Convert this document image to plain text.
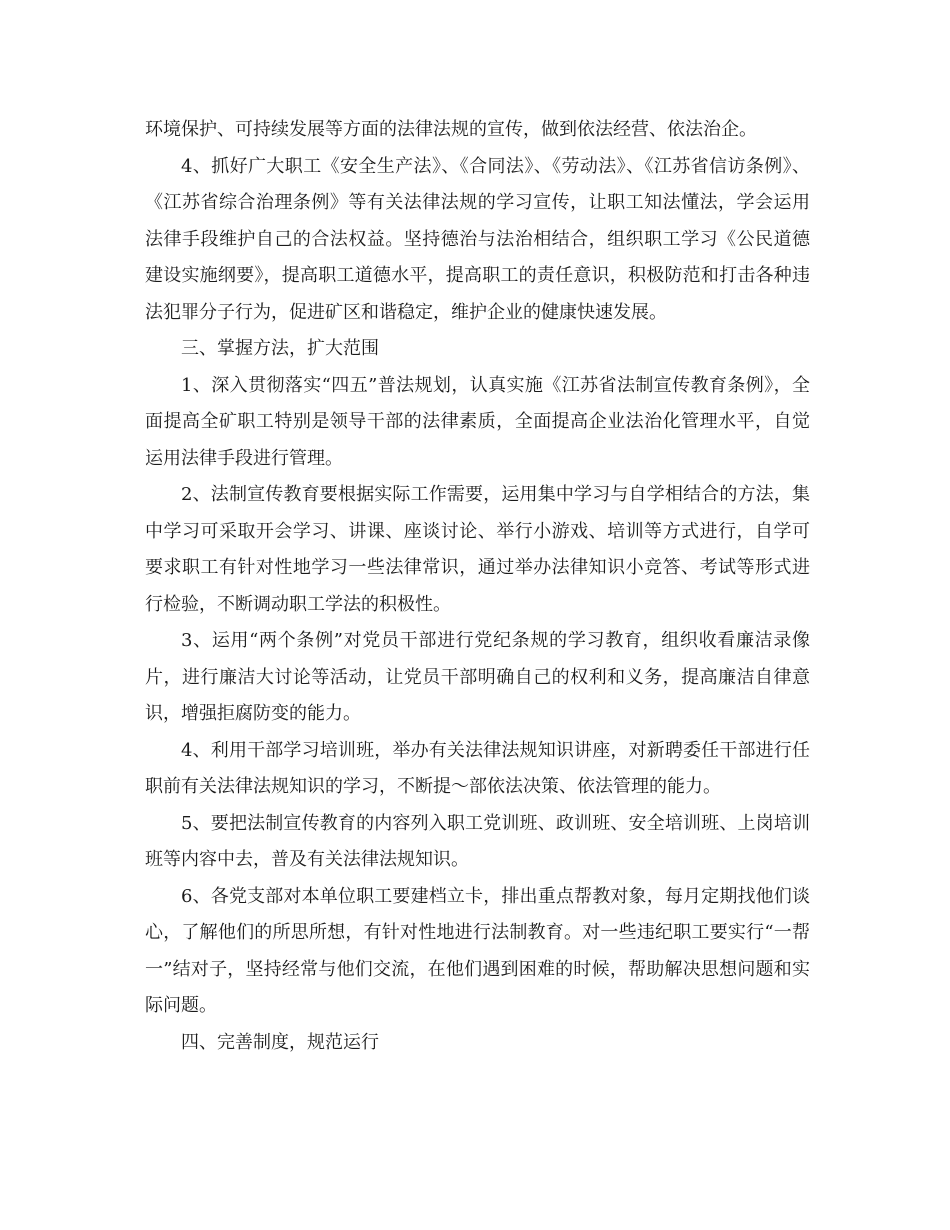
环境保护、可持续发展等方面的法律法规的宣传，做到依法经营、依法治企。

4、抓好广大职工《安全生产法》、《合同法》、《劳动法》、《江苏省信访条例》、《江苏省综合治理条例》等有关法律法规的学习宣传，让职工知法懂法，学会运用法律手段维护自己的合法权益。坚持德治与法治相结合，组织职工学习《公民道德建设实施纲要》，提高职工道德水平，提高职工的责任意识，积极防范和打击各种违法犯罪分子行为，促进矿区和谐稳定，维护企业的健康快速发展。

三、掌握方法，扩大范围

1、深入贯彻落实“四五”普法规划，认真实施《江苏省法制宣传教育条例》，全面提高全矿职工特别是领导干部的法律素质，全面提高企业法治化管理水平，自觉运用法律手段进行管理。

2、法制宣传教育要根据实际工作需要，运用集中学习与自学相结合的方法，集中学习可采取开会学习、讲课、座谈讨论、举行小游戏、培训等方式进行，自学可要求职工有针对性地学习一些法律常识，通过举办法律知识小竞答、考试等形式进行检验，不断调动职工学法的积极性。

3、运用“两个条例”对党员干部进行党纪条规的学习教育，组织收看廉洁录像片，进行廉洁大讨论等活动，让党员干部明确自己的权利和义务，提高廉洁自律意识，增强拒腐防变的能力。

4、利用干部学习培训班，举办有关法律法规知识讲座，对新聘委任干部进行任职前有关法律法规知识的学习，不断提～部依法决策、依法管理的能力。

5、要把法制宣传教育的内容列入职工党训班、政训班、安全培训班、上岗培训班等内容中去，普及有关法律法规知识。

6、各党支部对本单位职工要建档立卡，排出重点帮教对象，每月定期找他们谈心，了解他们的所思所想，有针对性地进行法制教育。对一些违纪职工要实行“一帮一”结对子，坚持经常与他们交流，在他们遇到困难的时候，帮助解决思想问题和实际问题。

四、完善制度，规范运行
